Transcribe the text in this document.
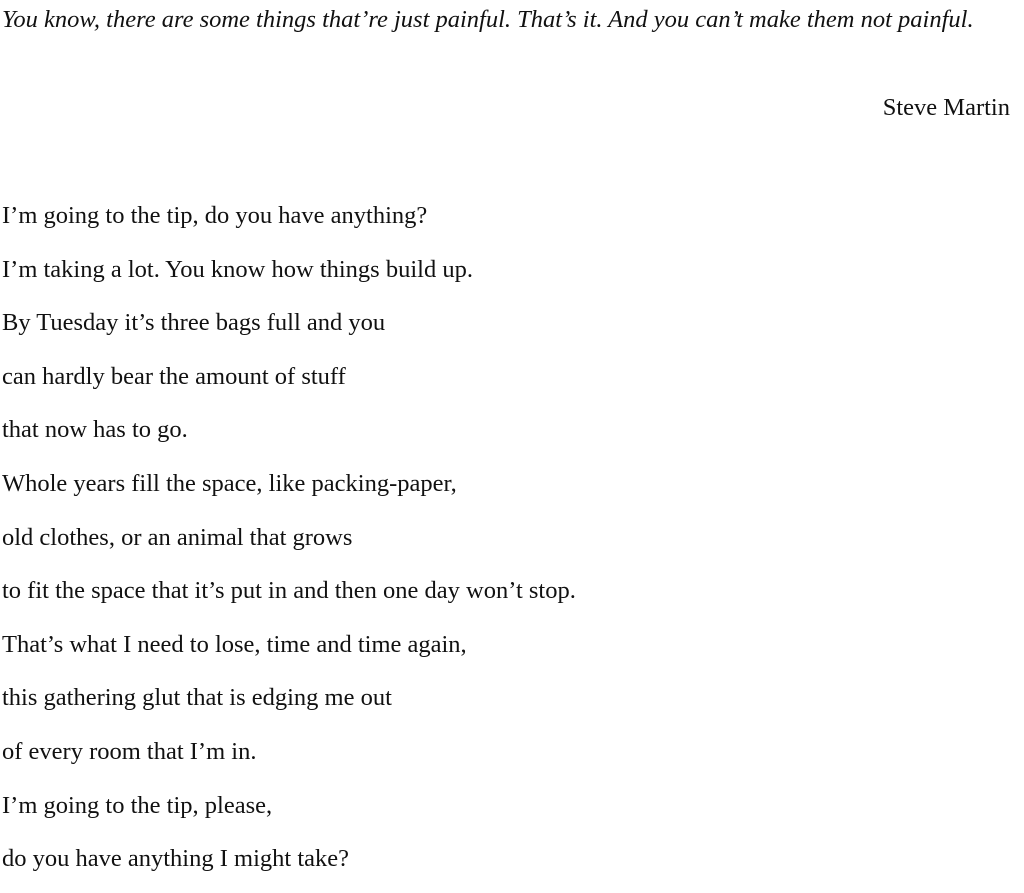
You know, there are some things that’re just painful. That’s it. And you can’t make them not painful.

Steve Martin

I’m going to the tip, do you have anything?
I’m taking a lot. You know how things build up.
By Tuesday it’s three bags full and you
can hardly bear the amount of stuff
that now has to go.
Whole years fill the space, like packing-paper,
old clothes, or an animal that grows
to fit the space that it’s put in and then one day won’t stop.
That’s what I need to lose, time and time again,
this gathering glut that is edging me out
of every room that I’m in.
I’m going to the tip, please,
do you have anything I might take?
